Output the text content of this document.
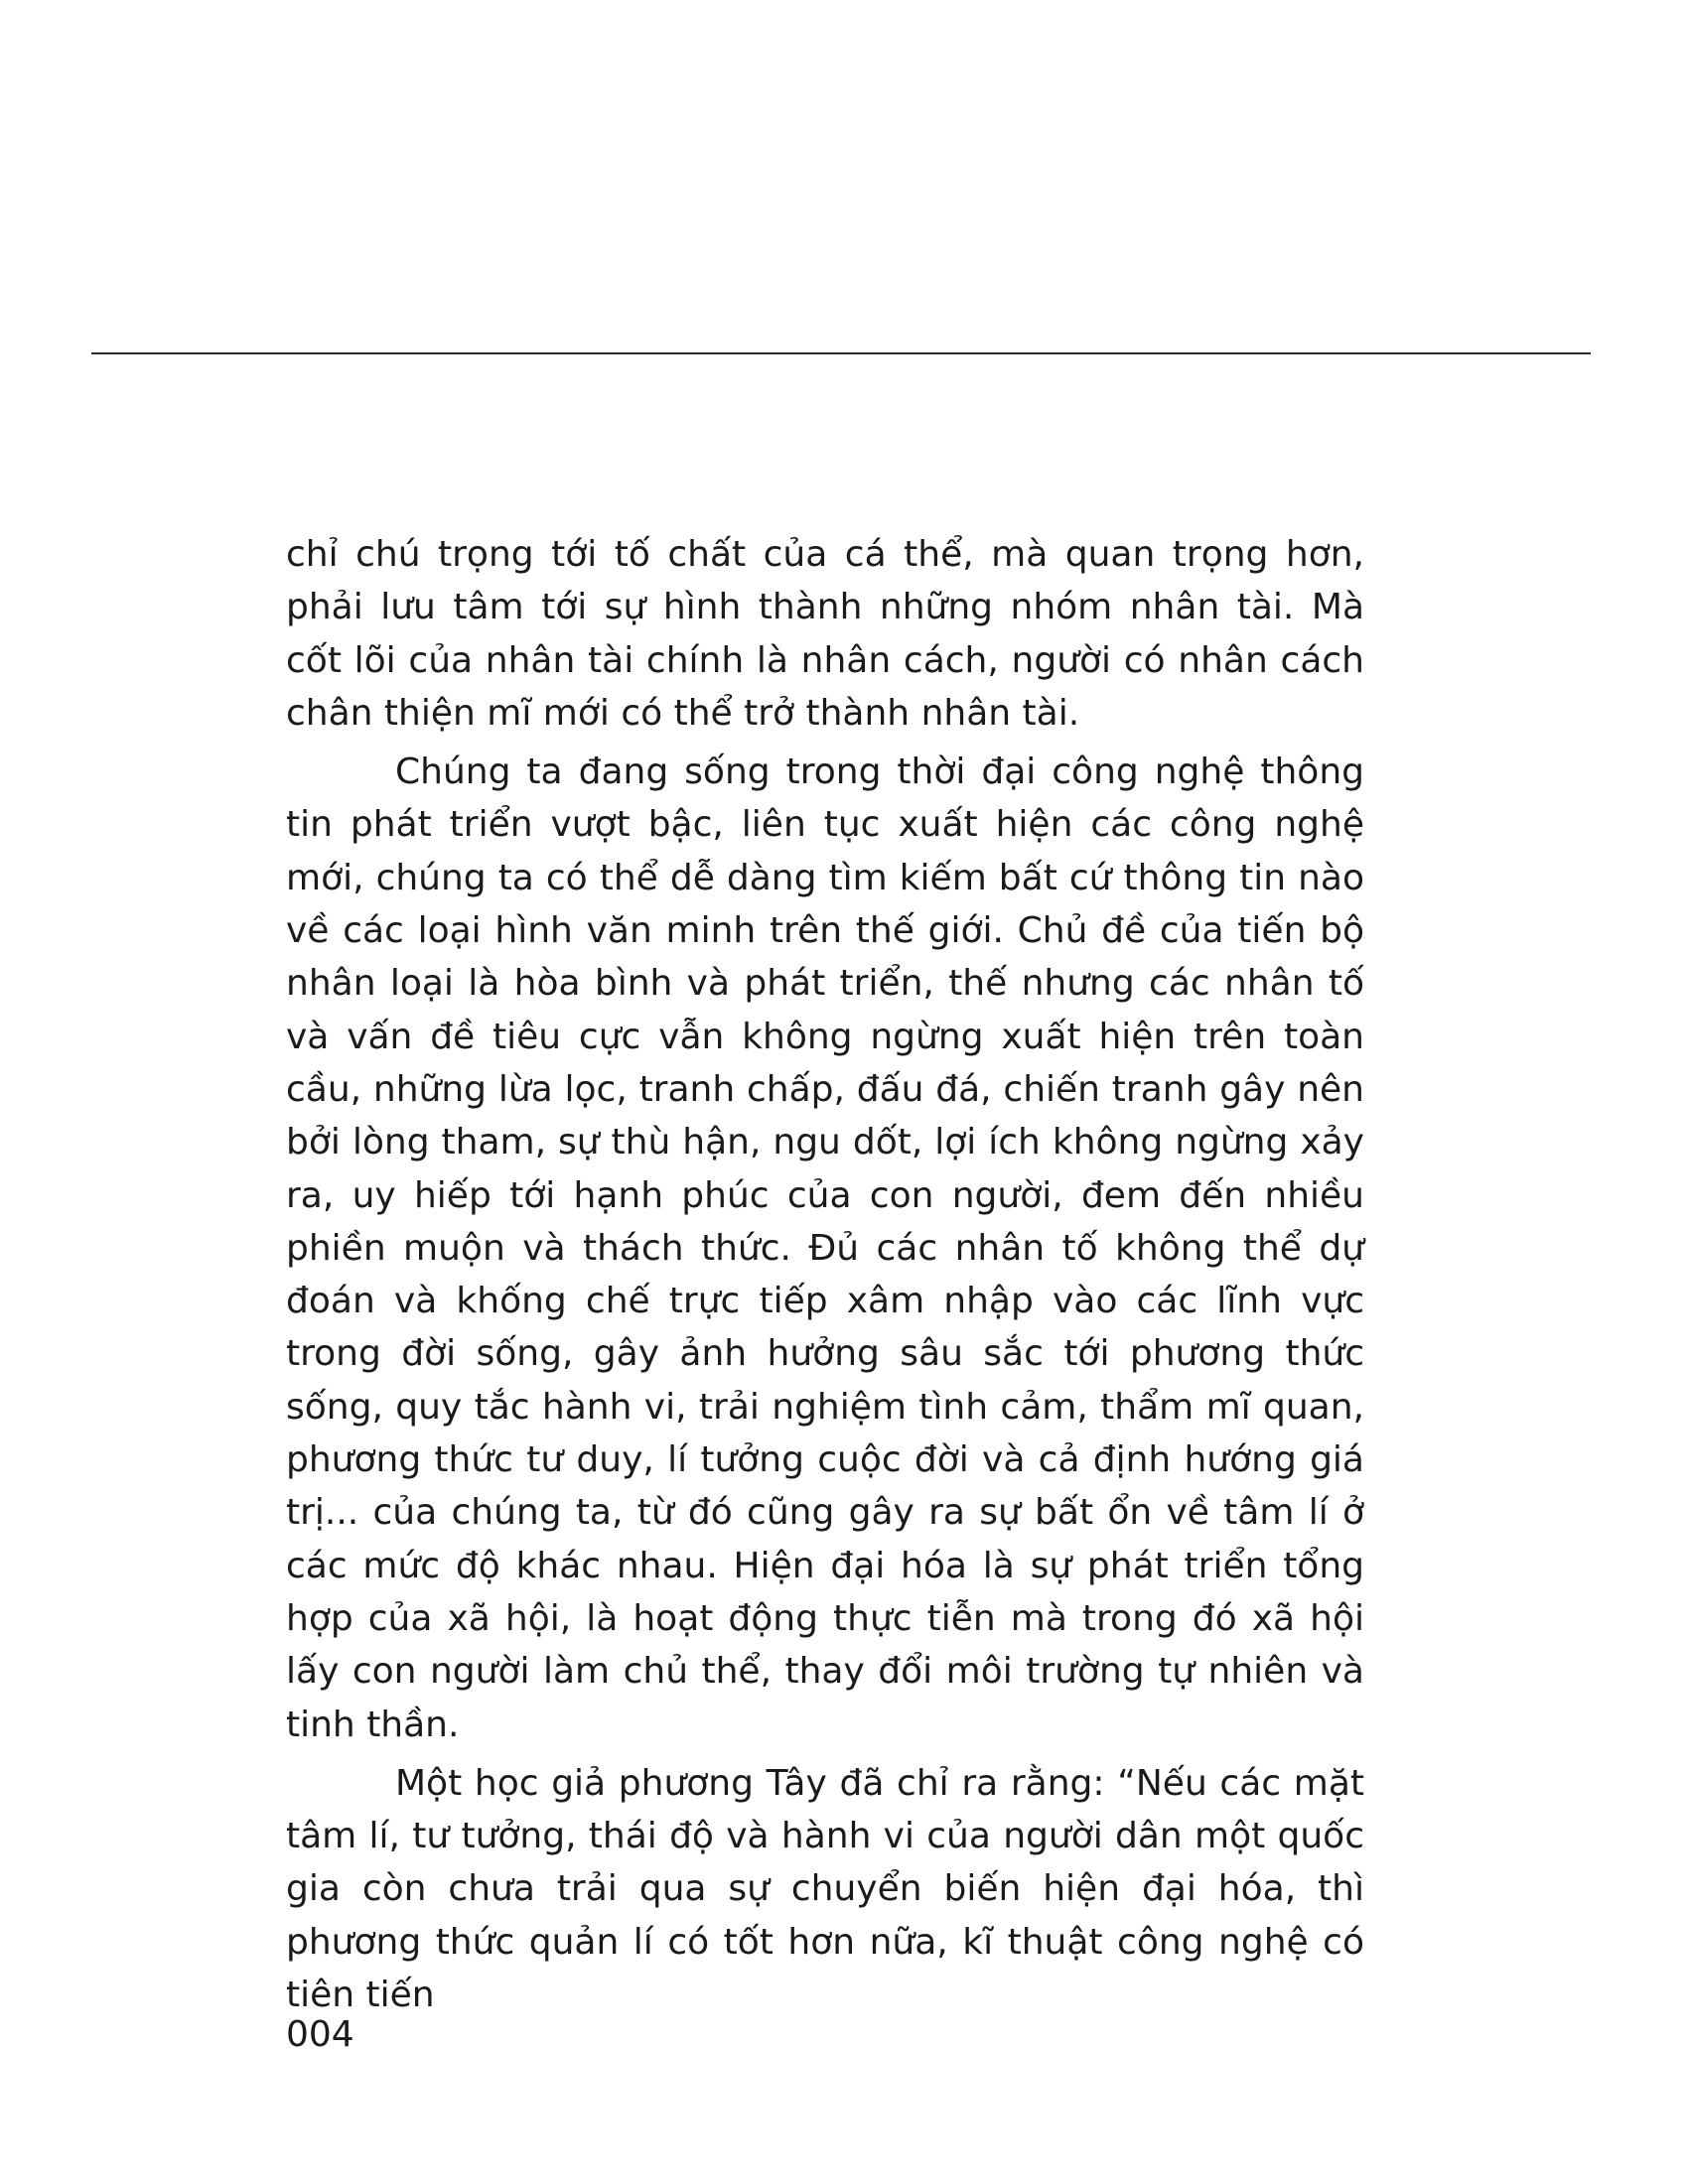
chỉ chú trọng tới tố chất của cá thể, mà quan trọng hơn, phải lưu tâm tới sự hình thành những nhóm nhân tài. Mà cốt lõi của nhân tài chính là nhân cách, người có nhân cách chân thiện mĩ mới có thể trở thành nhân tài.

Chúng ta đang sống trong thời đại công nghệ thông tin phát triển vượt bậc, liên tục xuất hiện các công nghệ mới, chúng ta có thể dễ dàng tìm kiếm bất cứ thông tin nào về các loại hình văn minh trên thế giới. Chủ đề của tiến bộ nhân loại là hòa bình và phát triển, thế nhưng các nhân tố và vấn đề tiêu cực vẫn không ngừng xuất hiện trên toàn cầu, những lừa lọc, tranh chấp, đấu đá, chiến tranh gây nên bởi lòng tham, sự thù hận, ngu dốt, lợi ích không ngừng xảy ra, uy hiếp tới hạnh phúc của con người, đem đến nhiều phiền muộn và thách thức. Đủ các nhân tố không thể dự đoán và khống chế trực tiếp xâm nhập vào các lĩnh vực trong đời sống, gây ảnh hưởng sâu sắc tới phương thức sống, quy tắc hành vi, trải nghiệm tình cảm, thẩm mĩ quan, phương thức tư duy, lí tưởng cuộc đời và cả định hướng giá trị... của chúng ta, từ đó cũng gây ra sự bất ổn về tâm lí ở các mức độ khác nhau. Hiện đại hóa là sự phát triển tổng hợp của xã hội, là hoạt động thực tiễn mà trong đó xã hội lấy con người làm chủ thể, thay đổi môi trường tự nhiên và tinh thần.

Một học giả phương Tây đã chỉ ra rằng: “Nếu các mặt tâm lí, tư tưởng, thái độ và hành vi của người dân một quốc gia còn chưa trải qua sự chuyển biến hiện đại hóa, thì phương thức quản lí có tốt hơn nữa, kĩ thuật công nghệ có tiên tiến

004
